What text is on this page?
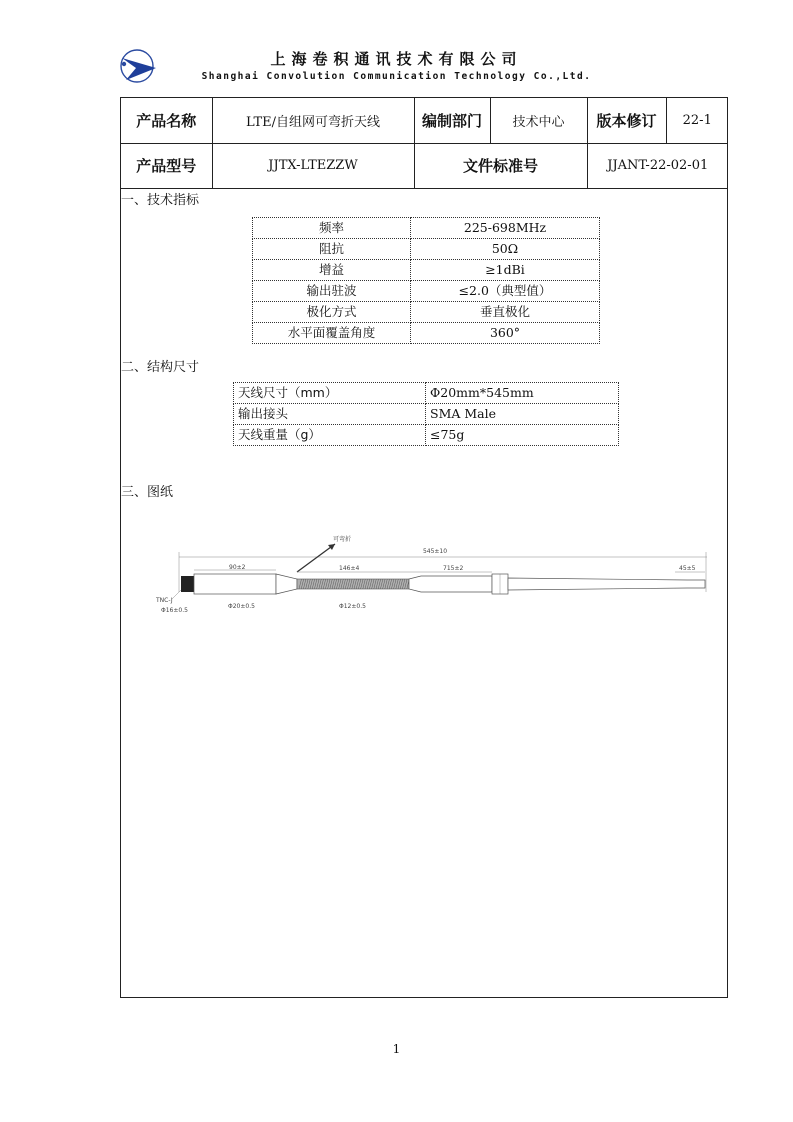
上海卷积通讯技术有限公司
Shanghai Convolution Communication Technology Co.,Ltd.
产品名称	LTE/自组网可弯折天线	编制部门	技术中心	版本修订	22-1
产品型号	JJTX-LTEZZW	文件标准号		JJANT-22-02-01	
一、技术指标
频率	225-698MHz
阻抗	50Ω
增益	≥1dBi
输出驻波	≤2.0（典型值）
极化方式	垂直极化
水平面覆盖角度	360°
二、结构尺寸
天线尺寸（mm）	Φ20mm*545mm
输出接头	SMA Male
天线重量（g）	≤75g
三、图纸
545±10
可弯折
TNC-J
Φ16±0.5
90±2
Φ20±0.5
146±4
Φ12±0.5
715±2	45±5
1
